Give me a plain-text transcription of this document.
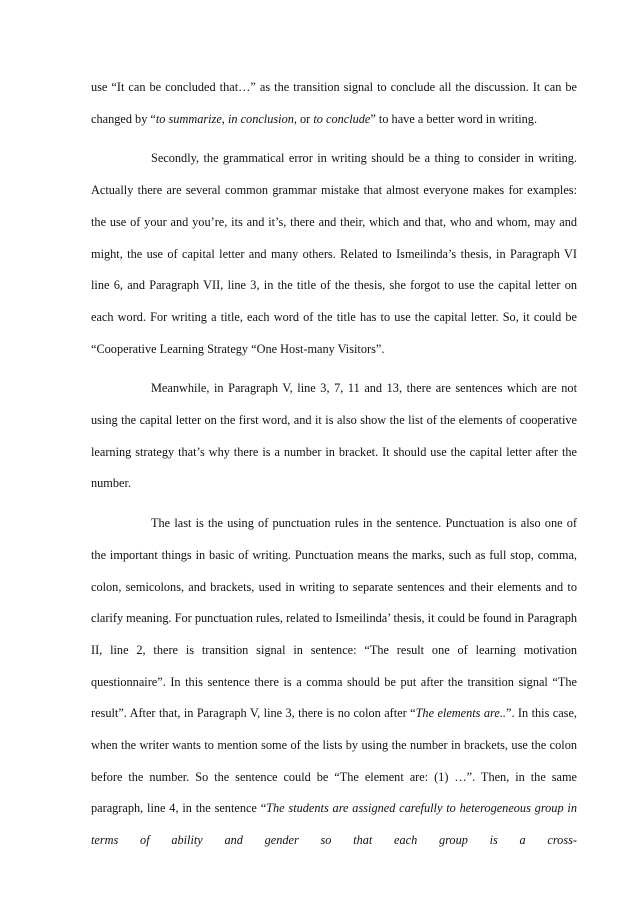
use “It can be concluded that…” as the transition signal to conclude all the discussion. It can be changed by “to summarize, in conclusion, or to conclude” to have a better word in writing.

Secondly, the grammatical error in writing should be a thing to consider in writing. Actually there are several common grammar mistake that almost everyone makes for examples: the use of your and you’re, its and it’s, there and their, which and that, who and whom, may and might, the use of capital letter and many others. Related to Ismeilinda’s thesis, in Paragraph VI line 6, and Paragraph VII, line 3, in the title of the thesis, she forgot to use the capital letter on each word. For writing a title, each word of the title has to use the capital letter. So, it could be “Cooperative Learning Strategy “One Host-many Visitors”.

Meanwhile, in Paragraph V, line 3, 7, 11 and 13, there are sentences which are not using the capital letter on the first word, and it is also show the list of the elements of cooperative learning strategy that’s why there is a number in bracket. It should use the capital letter after the number.

The last is the using of punctuation rules in the sentence. Punctuation is also one of the important things in basic of writing. Punctuation means the marks, such as full stop, comma, colon, semicolons, and brackets, used in writing to separate sentences and their elements and to clarify meaning. For punctuation rules, related to Ismeilinda’ thesis, it could be found in Paragraph II, line 2, there is transition signal in sentence: “The result one of learning motivation questionnaire”. In this sentence there is a comma should be put after the transition signal “The result”. After that, in Paragraph V, line 3, there is no colon after “The elements are..”. In this case, when the writer wants to mention some of the lists by using the number in brackets, use the colon before the number. So the sentence could be “The element are: (1) …”. Then, in the same paragraph, line 4, in the sentence “The students are assigned carefully to heterogeneous group in terms of ability and gender so that each group is a cross-
